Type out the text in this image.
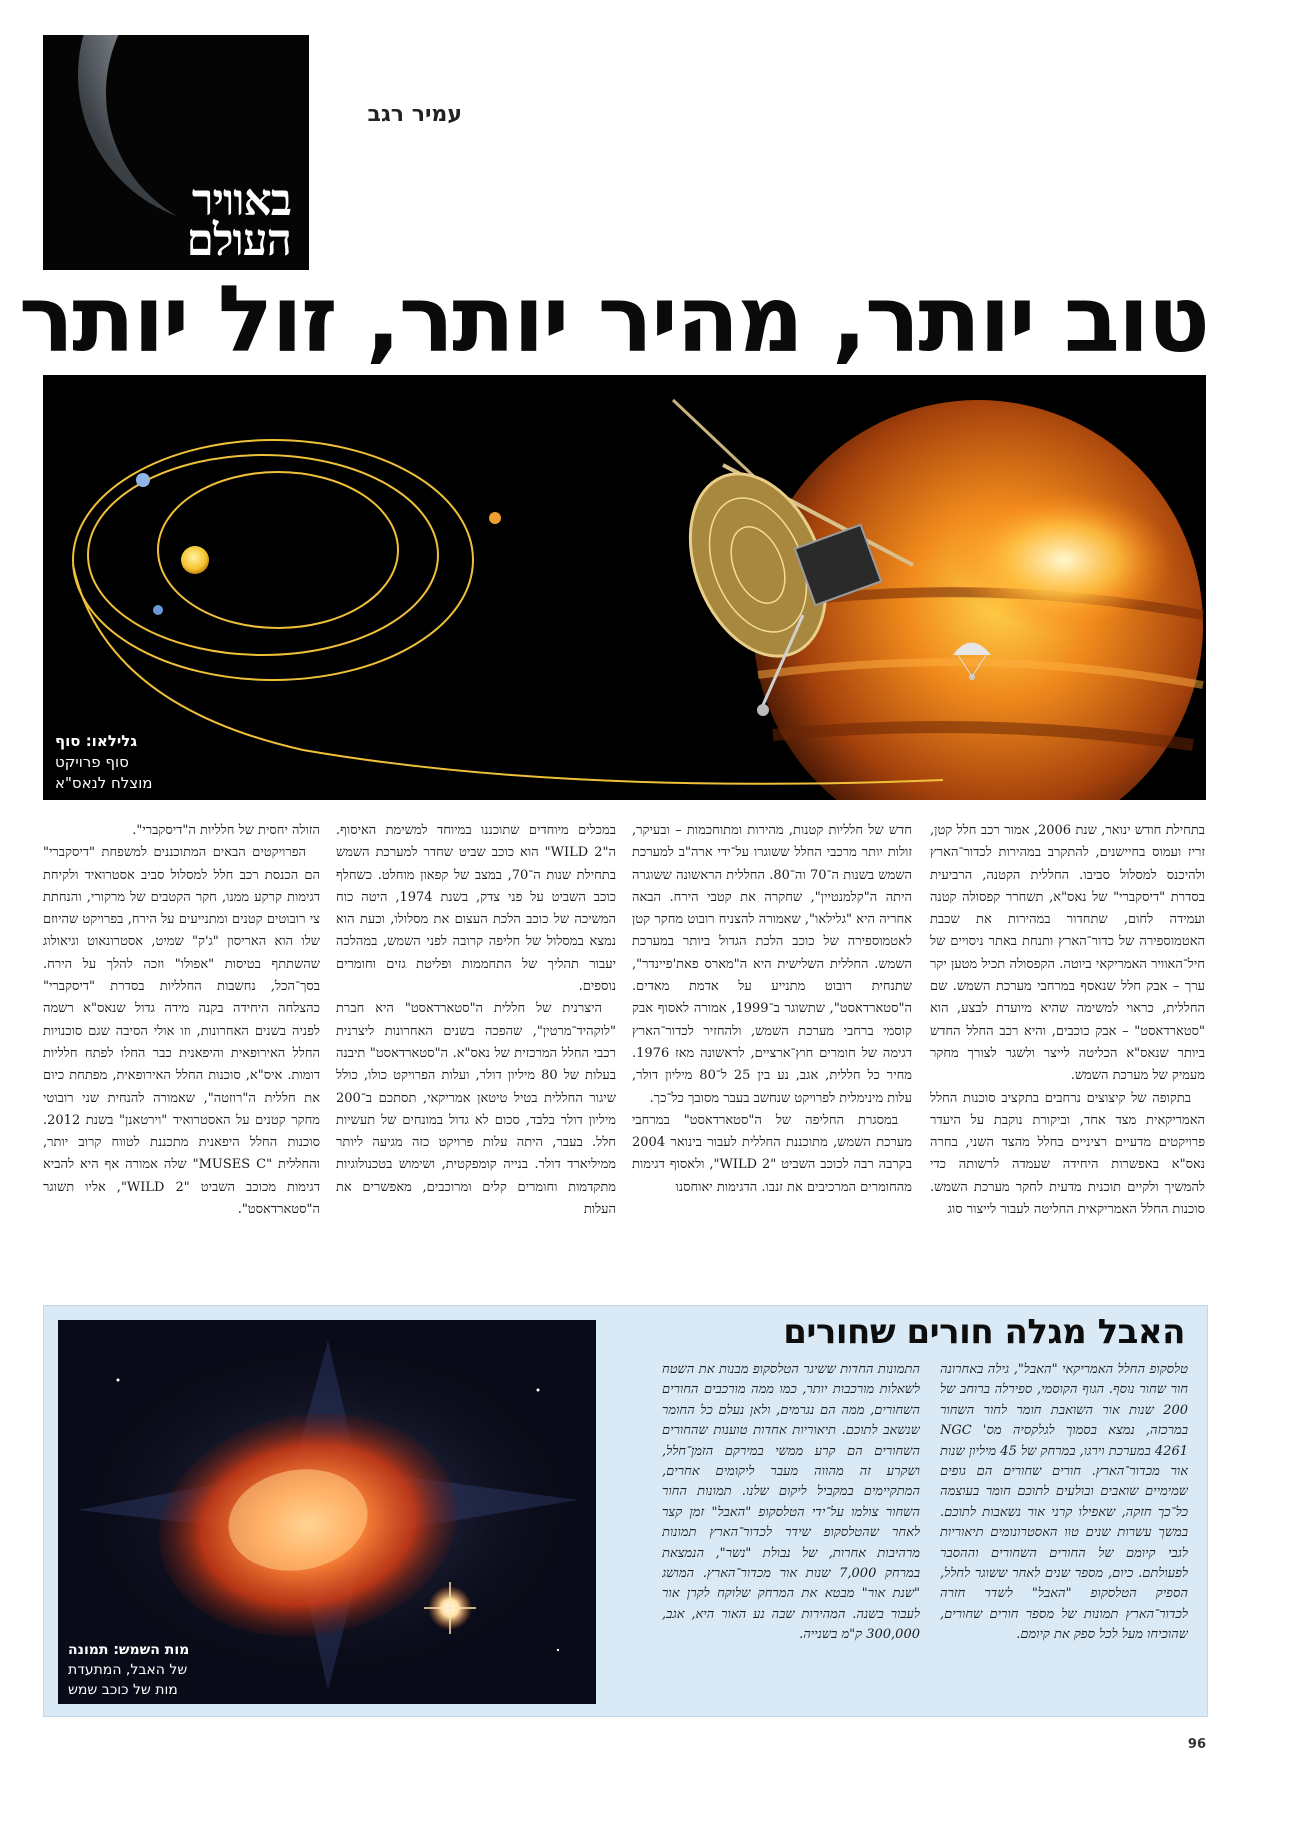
באוויר
העולם
עמיר רגב
טוב יותר, מהיר יותר, זול יותר
גלילאו: סוף
סוף פרויקט
מוצלח לנאס"א

בתחילת חודש ינואר, שנת 2006, אמור רכב חלל קטן, זריז ועמוס בחיישנים, להתקרב במהירות לכדור־הארץ ולהיכנס למסלול סביבו. החללית הקטנה, הרביעית בסדרת "דיסקברי" של נאס"א, תשחרר קפסולה קטנה ועמידה לחום, שתחדור במהירות את שכבת האטמוספירה של כדור־הארץ ותנחת באתר ניסויים של חיל־האוויר האמריקאי ביוטה. הקפסולה תכיל מטען יקר ערך – אבק חלל שנאסף במרחבי מערכת השמש. שם החללית, כראוי למשימה שהיא מיועדת לבצע, הוא "סטארדאסט" – אבק כוכבים, והיא רכב החלל החדש ביותר שנאס"א הכליטה לייצר ולשגר לצורך מחקר מעמיק של מערכת השמש.

בתקופה של קיצוצים נרחבים בתקציב סוכנות החלל האמריקאית מצד אחד, וביקורת נוקבת על היעדר פרויקטים מדעיים רציניים בחלל מהצד השני, בחרה נאס"א באפשרות היחידה שעמדה לרשותה כדי להמשיך ולקיים תוכנית מדעית לחקר מערכת השמש. סוכנות החלל האמריקאית החליטה לעבור לייצור סוג

חדש של חלליות קטנות, מהירות ומתוחכמות – ובעיקר, זולות יותר מרכבי החלל ששוגרו על־ידי ארה"ב למערכת השמש בשנות ה־70 וה־80. החללית הראשונה ששוגרה היתה ה"קלמנטיין", שחקרה את קטבי הירח. הבאה אחריה היא "גלילאו", שאמורה להצניח רובוט מחקר קטן לאטמוספירה של כוכב הלכת הגדול ביותר במערכת השמש. החללית השלישית היא ה"מארס פאת'פיינדר", שתנחית רובוט מתנייע על אדמת מאדים. ה"סטארדאסט", שתשוגר ב־1999, אמורה לאסוף אבק קוסמי ברחבי מערכת השמש, ולהחזיר לכדור־הארץ דגימה של חומרים חוץ־ארציים, לראשונה מאז 1976. מחיר כל חללית, אגב, נע בין 25 ל־80 מיליון דולר, עלות מינימלית לפרויקט שנחשב בעבר מסובך כל־כך.

במסגרת החליפה של ה"סטארדאסט" במרחבי מערכת השמש, מתוכננת החללית לעבור בינואר 2004 בקרבה רבה לכוכב השביט "WILD 2", ולאסוף דגימות מהחומרים המרכיבים את זנבו. הדגימות יאוחסנו

במכלים מיוחדים שתוכננו במיוחד למשימת האיסוף. ה"WILD 2" הוא כוכב שביט שחדר למערכת השמש בתחילת שנות ה־70, במצב של קפאון מוחלט. כשחלף כוכב השביט על פני צדק, בשנת 1974, היטה כוח המשיכה של כוכב הלכת העצום את מסלולו, וכעת הוא נמצא במסלול של חליפה קרובה לפני השמש, במהלכה יעבור תהליך של התחממות ופליטת גזים וחומרים נוספים.

היצרנית של חללית ה"סטארדאסט" היא חברת "לוקהיד־מרטין", שהפכה בשנים האחרונות ליצרנית רכבי החלל המרכזית של נאס"א. ה"סטארדאסט" תיבנה בעלות של 80 מיליון דולר, ועלות הפרויקט כולו, כולל שיגור החללית בטיל טיטאן אמריקאי, תסתכם ב־200 מיליון דולר בלבד, סכום לא גדול במונחים של תעשיות חלל. בעבר, היתה עלות פרויקט כזה מגיעה ליותר ממיליארד דולר. בנייה קומפקטית, ושימוש בטכנולוגיות מתקדמות וחומרים קלים ומרוכבים, מאפשרים את העלות

הזולה יחסית של חלליות ה"דיסקברי".

הפרויקטים הבאים המתוכננים למשפחת "דיסקברי" הם הכנסת רכב חלל למסלול סביב אסטרואיד ולקיחת דגימות קרקע ממנו, חקר הקטבים של מרקורי, והנחתת צי רובוטים קטנים ומתנייעים על הירח, בפרויקט שהיוזם שלו הוא האריסון "ג'ק" שמיט, אסטרונאוט וגיאולוג שהשתתף בטיסות "אפולו" וזכה להלך על הירח. בסך־הכל, נחשבות החלליות בסדרת "דיסקברי" כהצלחה היחידה בקנה מידה גדול שנאס"א רשמה לפניה בשנים האחרונות, וזו אולי הסיבה שגם סוכנויות החלל האירופאית והיפאנית כבר החלו לפתח חלליות דומות. איס"א, סוכנות החלל האירופאית, מפתחת כיום את חללית ה"רוזטה", שאמורה להנחית שני רובוטי מחקר קטנים על האסטרואיד "וירטאנן" בשנת 2012. סוכנות החלל היפאנית מתכננת לטווח קרוב יותר, והחללית "MUSES C" שלה אמורה אף היא להביא דגימות מכוכב השביט "WILD 2", אליו תשוגר ה"סטארדאסט".

האבל מגלה חורים שחורים

טלסקופ החלל האמריקאי "האבל", גילה באחרונה חור שחור נוסף. הגוף הקוסמי, ספירלה ברוחב של 200 שנות אור השואבת חומר לחור השחור במרכזה, נמצא בסמוך לגלקסיה מס' NGC 4261 במערכת וירגו, במרחק של 45 מיליון שנות אור מכדור־הארץ. חורים שחורים הם גופים שמימיים שואבים ובולעים לתוכם חומר בעוצמה כל־כך חזקה, שאפילו קרני אור נשאבות לתוכם. במשך עשרות שנים טוו האסטרונומים תיאוריות לגבי קיומם של החורים השחורים וההסבר לפעולתם. כיום, מספר שנים לאחר ששוגר לחלל, הספיק הטלסקופ "האבל" לשדר חזרה לכדור־הארץ תמונות של מספר חורים שחורים, שהוכיחו מעל לכל ספק את קיומם.

התמונות החדות ששיגר הטלסקופ מבנות את השטח לשאלות מורכבות יותר, כמו ממה מורכבים החורים השחורים, ממה הם נגרמים, ולאן נעלם כל החומר שנשאב לתוכם. תיאוריות אחדות טוענות שהחורים השחורים הם קרע ממשי במירקם הזמן־חלל, ושקרע זה מהווה מעבר ליקומים אחרים, המתקיימים במקביל ליקום שלנו. תמונות החור השחור צולמו על־ידי הטלסקופ "האבל" זמן קצר לאחר שהטלסקופ שידר לכדור־הארץ תמונות מרהיבות אחרות, של נבולת "נשר", הנמצאת במרחק 7,000 שנות אור מכדור־הארץ. המושג "שנת אור" מבטא את המרחק שלוקח לקרן אור לעבור בשנה. המהירות שבה נע האור היא, אגב, 300,000 ק"מ בשנייה.

מות השמש: תמונה
של האבל, המתעדת
מות של כוכב שמש
96
